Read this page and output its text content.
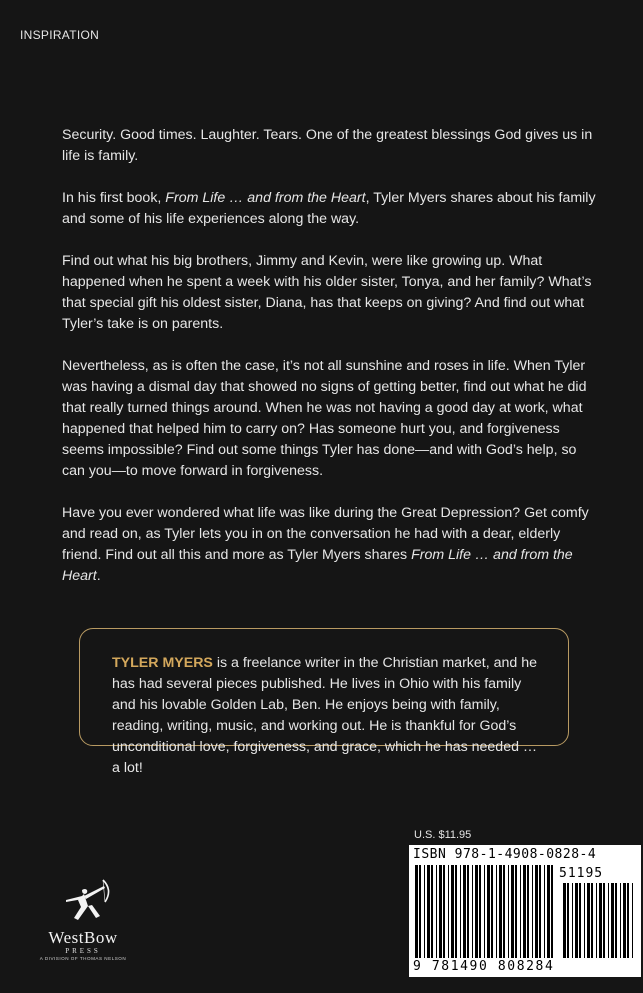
INSPIRATION

Security. Good times. Laughter. Tears. One of the greatest blessings God gives us in life is family.

In his first book, From Life … and from the Heart, Tyler Myers shares about his family and some of his life experiences along the way.

Find out what his big brothers, Jimmy and Kevin, were like growing up. What happened when he spent a week with his older sister, Tonya, and her family? What’s that special gift his oldest sister, Diana, has that keeps on giving? And find out what Tyler’s take is on parents.

Nevertheless, as is often the case, it’s not all sunshine and roses in life. When Tyler was having a dismal day that showed no signs of getting better, find out what he did that really turned things around. When he was not having a good day at work, what happened that helped him to carry on? Has someone hurt you, and forgiveness seems impossible? Find out some things Tyler has done—and with God’s help, so can you—to move forward in forgiveness.

Have you ever wondered what life was like during the Great Depression? Get comfy and read on, as Tyler lets you in on the conversation he had with a dear, elderly friend. Find out all this and more as Tyler Myers shares From Life … and from the Heart.

TYLER MYERS is a freelance writer in the Christian market, and he has had several pieces published. He lives in Ohio with his family and his lovable Golden Lab, Ben. He enjoys being with family, reading, writing, music, and working out. He is thankful for God’s unconditional love, forgiveness, and grace, which he has needed … a lot!
U.S. $11.95
ISBN 978-1-4908-0828-4
51195
9 781490 808284
WestBow
PRESS
A DIVISION OF THOMAS NELSON
